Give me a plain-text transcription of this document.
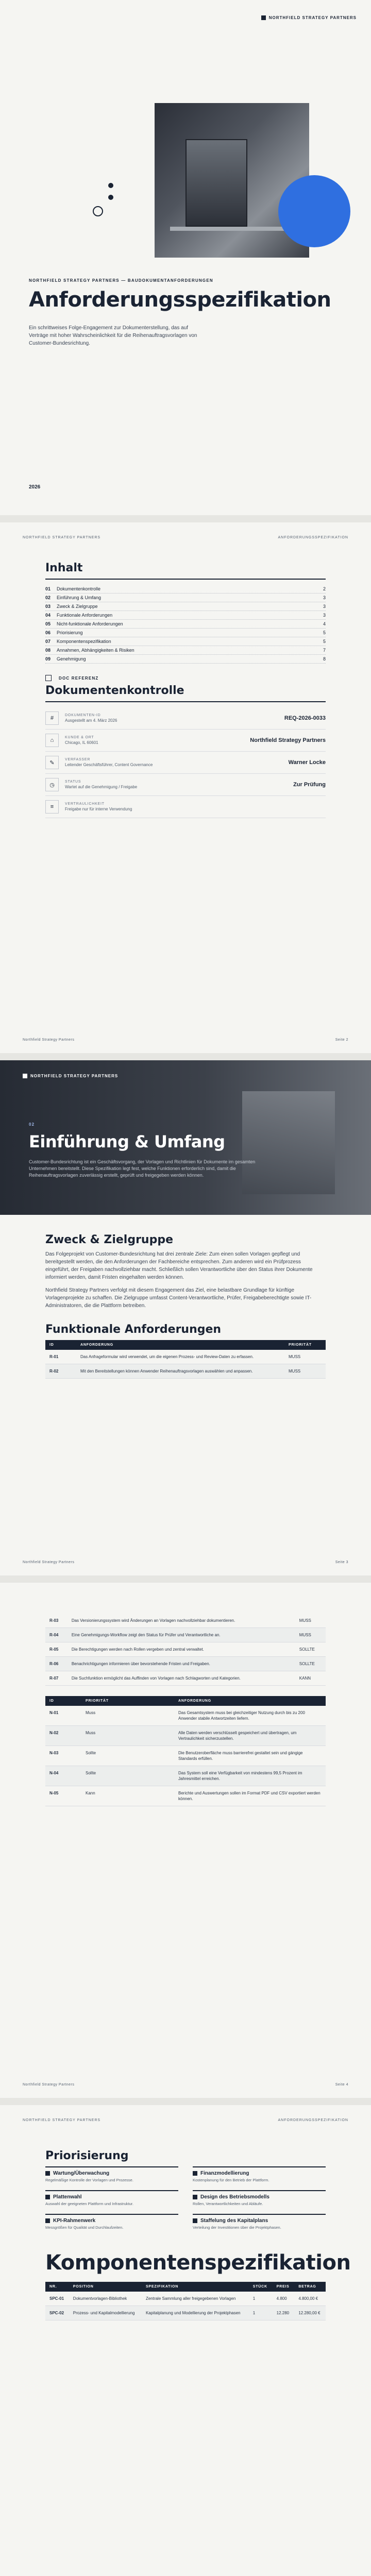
NORTHFIELD STRATEGY PARTNERS
NORTHFIELD STRATEGY PARTNERS — BAUDOKUMENTANFORDERUNGEN
Anforderungsspezifikation

Ein schrittweises Folge-Engagement zur Dokumenterstellung, das auf Verträge mit hoher Wahrscheinlichkeit für die Reihenauftragsvorlagen von Customer-Bundesrichtung.

2026
NORTHFIELD STRATEGY PARTNERS	ANFORDERUNGSSPEZIFIKATION
Inhalt
01	Dokumentenkontrolle	2
02	Einführung & Umfang	3
03	Zweck & Zielgruppe	3
04	Funktionale Anforderungen	3
05	Nicht-funktionale Anforderungen	4
06	Priorisierung	5
07	Komponentenspezifikation	5
08	Annahmen, Abhängigkeiten & Risiken	7
09	Genehmigung	8
DOC REFERENZ
Dokumentenkontrolle
#	DOKUMENTEN-ID
Ausgestellt am 4. März 2026	REQ-2026-0033
⌂	KUNDE & ORT
Chicago, IL 60601	Northfield Strategy Partners
✎	VERFASSER
Leitender Geschäftsführer, Content Governance	Warner Locke
◷	STATUS
Wartet auf die Genehmigung / Freigabe	Zur Prüfung
≡	VERTRAULICHKEIT
Freigabe nur für interne Verwendung
Northfield Strategy Partners	Seite 2
NORTHFIELD STRATEGY PARTNERS
02
Einführung & Umfang

Customer-Bundesrichtung ist ein Geschäftsvorgang, der Vorlagen und Richtlinien für Dokumente im gesamten Unternehmen bereitstellt. Diese Spezifikation legt fest, welche Funktionen erforderlich sind, damit die Reihenauftragsvorlagen zuverlässig erstellt, geprüft und freigegeben werden können.

Zweck & Zielgruppe

Das Folgeprojekt von Customer-Bundesrichtung hat drei zentrale Ziele: Zum einen sollen Vorlagen gepflegt und bereitgestellt werden, die den Anforderungen der Fachbereiche entsprechen. Zum anderen wird ein Prüfprozess eingeführt, der Freigaben nachvollziehbar macht. Schließlich sollen Verantwortliche über den Status ihrer Dokumente informiert werden, damit Fristen eingehalten werden können.

Northfield Strategy Partners verfolgt mit diesem Engagement das Ziel, eine belastbare Grundlage für künftige Vorlagenprojekte zu schaffen. Die Zielgruppe umfasst Content-Verantwortliche, Prüfer, Freigabeberechtigte sowie IT-Administratoren, die die Plattform betreiben.

Funktionale Anforderungen
ID	ANFORDERUNG	PRIORITÄT
R-01	Das Anfrageformular wird verwendet, um die eigenen Prozess- und Review-Daten zu erfassen.	MUSS
R-02	Mit den Bereitstellungen können Anwender Reihenauftragsvorlagen auswählen und anpassen.	MUSS
Northfield Strategy Partners	Seite 3
R-03	Das Versionierungssystem wird Änderungen an Vorlagen nachvollziehbar dokumentieren.	MUSS
R-04	Eine Genehmigungs-Workflow zeigt den Status für Prüfer und Verantwortliche an.	MUSS
R-05	Die Berechtigungen werden nach Rollen vergeben und zentral verwaltet.	SOLLTE
R-06	Benachrichtigungen informieren über bevorstehende Fristen und Freigaben.	SOLLTE
R-07	Die Suchfunktion ermöglicht das Auffinden von Vorlagen nach Schlagworten und Kategorien.	KANN
ID	PRIORITÄT	ANFORDERUNG
N-01	Muss	Das Gesamtsystem muss bei gleichzeitiger Nutzung durch bis zu 200 Anwender stabile Antwortzeiten liefern.
N-02	Muss	Alle Daten werden verschlüsselt gespeichert und übertragen, um Vertraulichkeit sicherzustellen.
N-03	Sollte	Die Benutzeroberfläche muss barrierefrei gestaltet sein und gängige Standards erfüllen.
N-04	Sollte	Das System soll eine Verfügbarkeit von mindestens 99,5 Prozent im Jahresmittel erreichen.
N-05	Kann	Berichte und Auswertungen sollen im Format PDF und CSV exportiert werden können.
Northfield Strategy Partners	Seite 4
NORTHFIELD STRATEGY PARTNERS	ANFORDERUNGSSPEZIFIKATION
Priorisierung
Wartung/Überwachung
Regelmäßige Kontrolle der Vorlagen und Prozesse.
Finanzmodellierung
Kostenplanung für den Betrieb der Plattform.
Plattenwahl
Auswahl der geeigneten Plattform und Infrastruktur.
Design des Betriebsmodells
Rollen, Verantwortlichkeiten und Abläufe.
KPI-Rahmenwerk
Messgrößen für Qualität und Durchlaufzeiten.
Staffelung des Kapitalplans
Verteilung der Investitionen über die Projektphasen.
Komponentenspezifikation
NR.	POSITION	SPEZIFIKATION	STÜCK	PREIS	BETRAG
SPC-01	Dokumentvorlagen-Bibliothek	Zentrale Sammlung aller freigegebenen Vorlagen	1	4.800	4.800,00 €
SPC-02	Prozess- und Kapitalmodellierung	Kapitalplanung und Modellierung der Projektphasen	1	12.280	12.280,00 €
